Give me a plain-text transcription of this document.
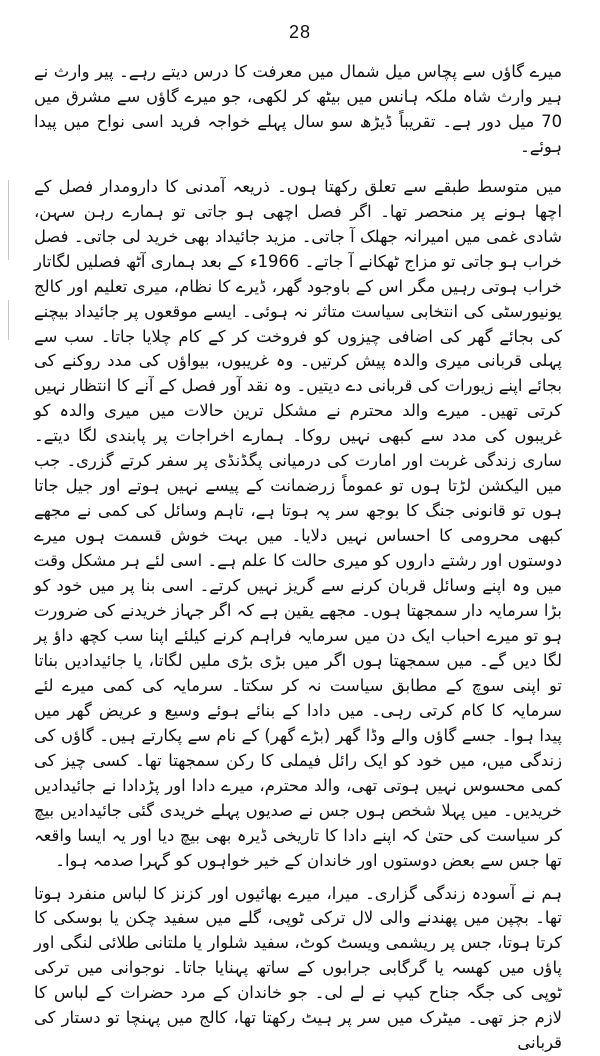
28

میرے گاؤں سے پچاس میل شمال میں معرفت کا درس دیتے رہے۔ پیر وارث نے ہیر وارث شاہ ملکہ ہانس میں بیٹھ کر لکھی، جو میرے گاؤں سے مشرق میں 70 میل دور ہے۔ تقریباً ڈیڑھ سو سال پہلے خواجہ فرید اسی نواح میں پیدا ہوئے۔

میں متوسط طبقے سے تعلق رکھتا ہوں۔ ذریعہ آمدنی کا دارومدار فصل کے اچھا ہونے پر منحصر تھا۔ اگر فصل اچھی ہو جاتی تو ہمارے رہن سہن، شادی غمی میں امیرانہ جھلک آ جاتی۔ مزید جائیداد بھی خرید لی جاتی۔ فصل خراب ہو جاتی تو مزاج ٹھکانے آ جاتے۔ 1966ء کے بعد ہماری آٹھ فصلیں لگاتار خراب ہوتی رہیں مگر اس کے باوجود گھر، ڈیرے کا نظام، میری تعلیم اور کالج یونیورسٹی کی انتخابی سیاست متاثر نہ ہوئی۔ ایسے موقعوں پر جائیداد بیچنے کی بجائے گھر کی اضافی چیزوں کو فروخت کر کے کام چلایا جاتا۔ سب سے پہلی قربانی میری والدہ پیش کرتیں۔ وہ غریبوں، بیواؤں کی مدد روکنے کی بجائے اپنے زیورات کی قربانی دے دیتیں۔ وہ نقد آور فصل کے آنے کا انتظار نہیں کرتی تھیں۔ میرے والد محترم نے مشکل ترین حالات میں میری والدہ کو غریبوں کی مدد سے کبھی نہیں روکا۔ ہمارے اخراجات پر پابندی لگا دیتے۔ ساری زندگی غربت اور امارت کی درمیانی پگڈنڈی پر سفر کرتے گزری۔ جب میں الیکشن لڑتا ہوں تو عموماً زرضمانت کے پیسے نہیں ہوتے اور جیل جاتا ہوں تو قانونی جنگ کا بوجھ سر پہ ہوتا ہے، تاہم وسائل کی کمی نے مجھے کبھی محرومی کا احساس نہیں دلایا۔ میں بہت خوش قسمت ہوں میرے دوستوں اور رشتے داروں کو میری حالت کا علم ہے۔ اسی لئے ہر مشکل وقت میں وہ اپنے وسائل قربان کرنے سے گریز نہیں کرتے۔ اسی بنا پر میں خود کو بڑا سرمایہ دار سمجھتا ہوں۔ مجھے یقین ہے کہ اگر جہاز خریدنے کی ضرورت ہو تو میرے احباب ایک دن میں سرمایہ فراہم کرنے کیلئے اپنا سب کچھ داؤ پر لگا دیں گے۔ میں سمجھتا ہوں اگر میں بڑی بڑی ملیں لگاتا، یا جائیدادیں بناتا تو اپنی سوچ کے مطابق سیاست نہ کر سکتا۔ سرمایہ کی کمی میرے لئے سرمایہ کا کام کرتی رہی۔ میں دادا کے بنائے ہوئے وسیع و عریض گھر میں پیدا ہوا۔ جسے گاؤں والے وڈا گھر (بڑے گھر) کے نام سے پکارتے ہیں۔ گاؤں کی زندگی میں، میں خود کو ایک رائل فیملی کا رکن سمجھتا تھا۔ کسی چیز کی کمی محسوس نہیں ہوتی تھی، والد محترم، میرے دادا اور پڑدادا نے جائیدادیں خریدیں۔ میں پہلا شخص ہوں جس نے صدیوں پہلے خریدی گئی جائیدادیں بیچ کر سیاست کی حتیٰ کہ اپنے دادا کا تاریخی ڈیرہ بھی بیچ دیا اور یہ ایسا واقعہ تھا جس سے بعض دوستوں اور خاندان کے خیر خواہوں کو گہرا صدمہ ہوا۔

ہم نے آسودہ زندگی گزاری۔ میرا، میرے بھائیوں اور کزنز کا لباس منفرد ہوتا تھا۔ بچپن میں پھندنے والی لال ترکی ٹوپی، گلے میں سفید چکن یا بوسکی کا کرتا ہوتا، جس پر ریشمی ویسٹ کوٹ، سفید شلوار یا ملتانی طلائی لنگی اور پاؤں میں کھسہ یا گرگابی جرابوں کے ساتھ پہنایا جاتا۔ نوجوانی میں ترکی ٹوپی کی جگہ جناح کیپ نے لے لی۔ جو خاندان کے مرد حضرات کے لباس کا لازم جز تھی۔ میٹرک میں سر پر ہیٹ رکھتا تھا، کالج میں پہنچا تو دستار کی قربانی
